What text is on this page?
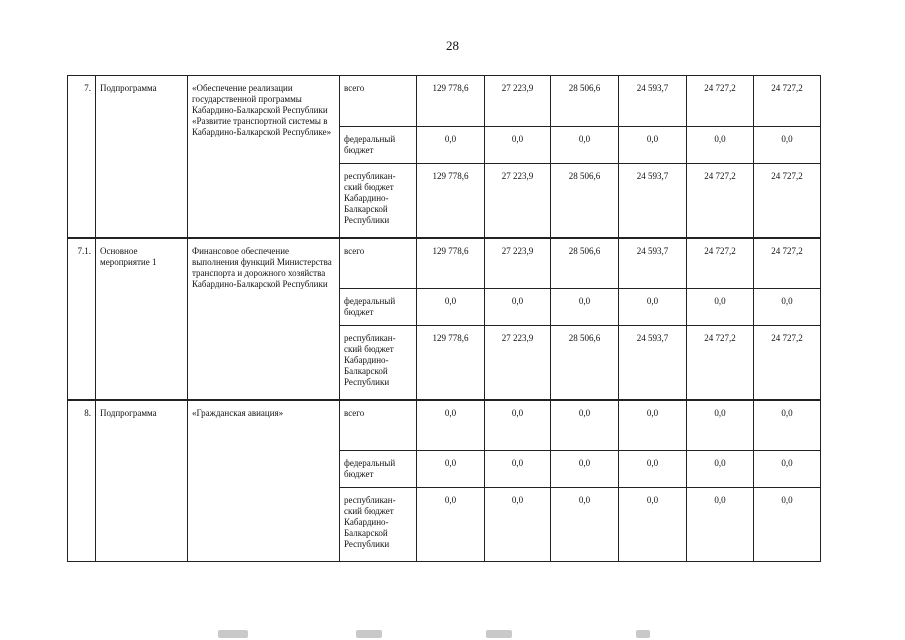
28
7.	Подпрограмма	«Обеспечение реализации государственной программы Кабардино-Балкарской Республики «Развитие транспортной системы в Кабардино-Балкарской Республике»	всего	129 778,6	27 223,9	28 506,6	24 593,7	24 727,2	24 727,2
			федеральный бюджет	0,0	0,0	0,0	0,0	0,0	0,0
			республикан-ский бюджет Кабардино-Балкарской Республики	129 778,6	27 223,9	28 506,6	24 593,7	24 727,2	24 727,2
7.1.	Основное мероприятие 1	Финансовое обеспечение выполнения функций Министерства транспорта и дорожного хозяйства Кабардино-Балкарской Республики	всего	129 778,6	27 223,9	28 506,6	24 593,7	24 727,2	24 727,2
			федеральный бюджет	0,0	0,0	0,0	0,0	0,0	0,0
			республикан-ский бюджет Кабардино-Балкарской Республики	129 778,6	27 223,9	28 506,6	24 593,7	24 727,2	24 727,2
8.	Подпрограмма	«Гражданская авиация»	всего	0,0	0,0	0,0	0,0	0,0	0,0
			федеральный бюджет	0,0	0,0	0,0	0,0	0,0	0,0
			республикан-ский бюджет Кабардино-Балкарской Республики	0,0	0,0	0,0	0,0	0,0	0,0
